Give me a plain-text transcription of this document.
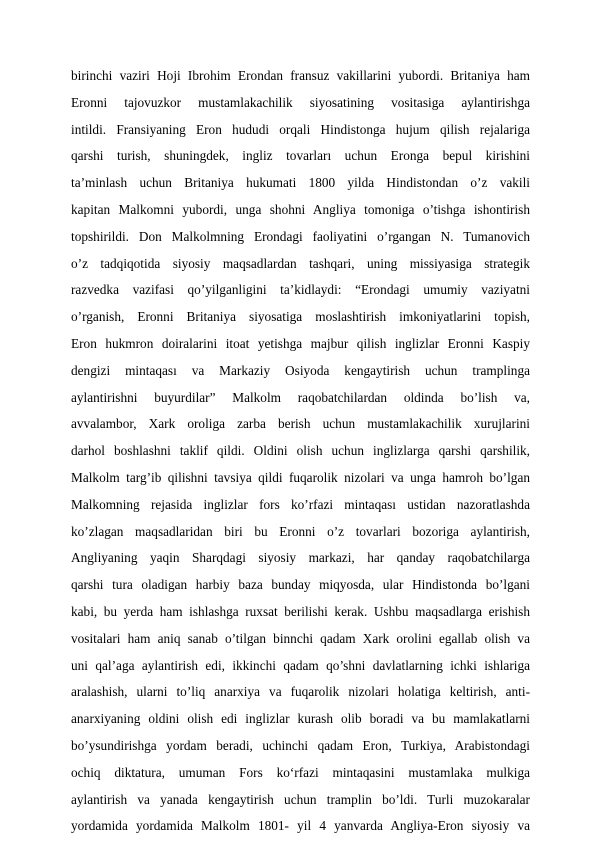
birinchi vaziri Hoji Ibrohim Erondan fransuz vakillarini yubordi. Britaniya ham
Eronni tajovuzkor mustamlakachilik siyosatining vositasiga aylantirishga
intildi. Fransiyaning Eron hududi orqali Hindistonga hujum qilish rejalariga
qarshi turish, shuningdek, ingliz tovarları uchun Eronga bepul kirishini
ta’minlash uchun Britaniya hukumati 1800 yilda Hindistondan o’z vakili
kapitan Malkomni yubordi, unga shohni Angliya tomoniga o’tishga ishontirish
topshirildi. Don Malkolmning Erondagi faoliyatini o’rgangan N. Tumanovich
o’z tadqiqotida siyosiy maqsadlardan tashqari, uning missiyasiga strategik
razvedka vazifasi qo’yilganligini ta’kidlaydi: “Erondagi umumiy vaziyatni
o’rganish, Eronni Britaniya siyosatiga moslashtirish imkoniyatlarini topish,
Eron hukmron doiralarini itoat yetishga majbur qilish inglizlar Eronni Kaspiy
dengizi mintaqası va Markaziy Osiyoda kengaytirish uchun tramplinga
aylantirishni buyurdilar” Malkolm raqobatchilardan oldinda bo’lish va,
avvalambor, Xark oroliga zarba berish uchun mustamlakachilik xurujlarini
darhol boshlashni taklif qildi. Oldini olish uchun inglizlarga qarshi qarshilik,
Malkolm targ’ib qilishni tavsiya qildi fuqarolik nizolari va unga hamroh bo’lgan
Malkomning rejasida inglizlar fors ko’rfazi mintaqası ustidan nazoratlashda
ko’zlagan maqsadlaridan biri bu Eronni o’z tovarlari bozoriga aylantirish,
Angliyaning yaqin Sharqdagi siyosiy markazi, har qanday raqobatchilarga
qarshi tura oladigan harbiy baza bunday miqyosda, ular Hindistonda bo’lgani
kabi, bu yerda ham ishlashga ruxsat berilishi kerak. Ushbu maqsadlarga erishish
vositalari ham aniq sanab o’tilgan binnchi qadam Xark orolini egallab olish va
uni qal’aga aylantirish edi, ikkinchi qadam qo’shni davlatlarning ichki ishlariga
aralashish, ularni to’liq anarxiya va fuqarolik nizolari holatiga keltirish, anti-
anarxiyaning oldini olish edi inglizlar kurash olib boradi va bu mamlakatlarni
bo’ysundirishga yordam beradi, uchinchi qadam Eron, Turkiya, Arabistondagi
ochiq diktatura, umuman Fors ko‘rfazi mintaqasini mustamlaka mulkiga
aylantirish va yanada kengaytirish uchun tramplin bo’ldi. Turli muzokaralar
yordamida yordamida Malkolm 1801- yil 4 yanvarda Angliya-Eron siyosiy va
